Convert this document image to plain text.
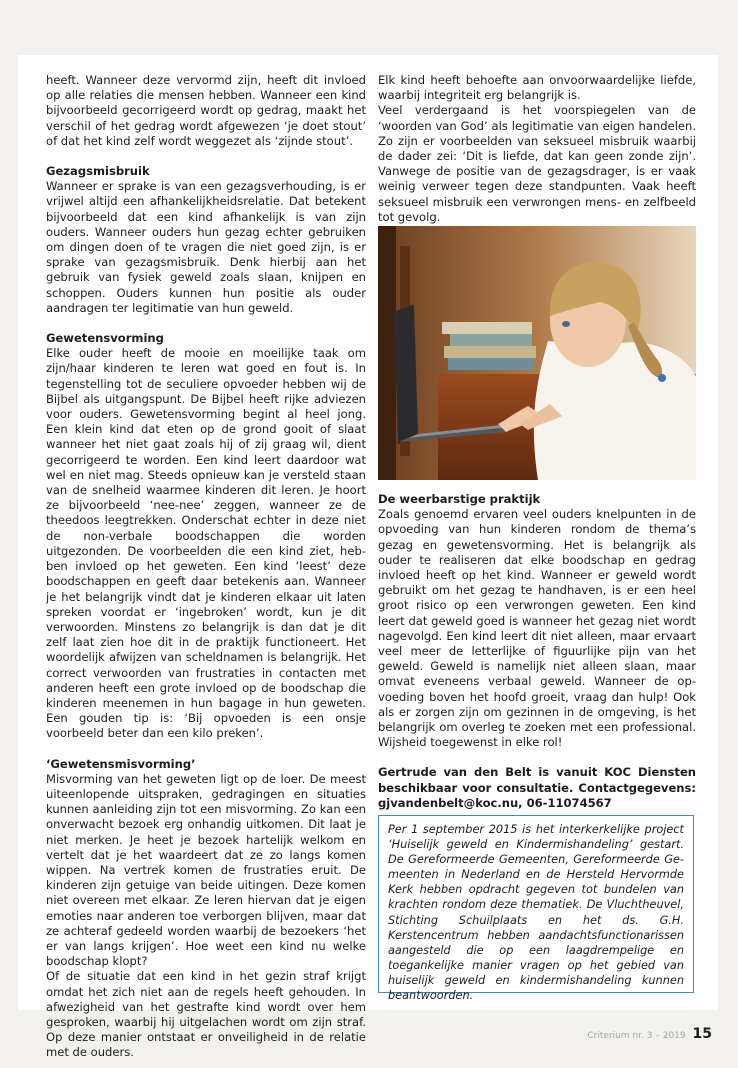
heeft. Wanneer deze vervormd zijn, heeft dit invloed op alle relaties die mensen hebben. Wanneer een kind bijvoorbeeld gecorrigeerd wordt op gedrag, maakt het verschil of het gedrag wordt afgewezen ‘je doet stout’ of dat het kind zelf wordt weggezet als ‘zijnde stout’.

Gezagsmisbruik

Wanneer er sprake is van een gezagsverhouding, is er vrijwel altijd een afhankelijkheidsrelatie. Dat betekent bijvoorbeeld dat een kind afhankelijk is van zijn ouders. Wanneer ouders hun gezag echter gebruiken om dingen doen of te vragen die niet goed zijn, is er sprake van gezagsmisbruik. Denk hierbij aan het gebruik van fysiek geweld zoals slaan, knijpen en schoppen. Ouders kunnen hun positie als ouder aandragen ter legitimatie van hun geweld.

Gewetensvorming

Elke ouder heeft de mooie en moeilijke taak om zijn/haar kinderen te leren wat goed en fout is. In tegenstelling tot de seculiere opvoeder hebben wij de Bijbel als uitgangspunt. De Bijbel heeft rijke adviezen voor ouders. Gewetensvorming begint al heel jong. Een klein kind dat eten op de grond gooit of slaat wanneer het niet gaat zoals hij of zij graag wil, dient gecorrigeerd te worden. Een kind leert daardoor wat wel en niet mag. Steeds opnieuw kan je versteld staan van de snelheid waarmee kinderen dit leren. Je hoort ze bijvoorbeeld ‘nee-nee’ zeggen, wanneer ze de theedoos leegtrekken. Onderschat echter in deze niet de non-verbale boodschappen die worden uitgezonden. De voorbeelden die een kind ziet, hebben invloed op het geweten. Een kind ‘leest’ deze boodschappen en geeft daar betekenis aan. Wanneer je het belangrijk vindt dat je kinderen elkaar uit laten spreken voordat er ‘ingebroken’ wordt, kun je dit verwoorden. Minstens zo belangrijk is dan dat je dit zelf laat zien hoe dit in de praktijk functioneert. Het woordelijk afwijzen van scheldnamen is belangrijk. Het correct verwoorden van frustraties in contacten met anderen heeft een grote invloed op de boodschap die kinderen meenemen in hun bagage in hun geweten. Een gouden tip is: ‘Bij opvoeden is een onsje voorbeeld beter dan een kilo preken’.

‘Gewetensmisvorming’

Misvorming van het geweten ligt op de loer. De meest uiteenlopende uitspraken, gedragingen en situaties kunnen aanleiding zijn tot een misvorming. Zo kan een onverwacht bezoek erg onhandig uitkomen. Dit laat je niet merken. Je heet je bezoek hartelijk welkom en vertelt dat je het waardeert dat ze zo langs komen wippen. Na vertrek komen de frustraties eruit. De kinderen zijn getuige van beide uitingen. Deze komen niet overeen met elkaar. Ze leren hiervan dat je eigen emoties naar anderen toe verborgen blijven, maar dat ze achteraf gedeeld worden waarbij de bezoekers ‘het er van langs krijgen’. Hoe weet een kind nu welke boodschap klopt?

Of de situatie dat een kind in het gezin straf krijgt omdat het zich niet aan de regels heeft gehouden. In afwezigheid van het gestrafte kind wordt over hem gesproken, waarbij hij uitgelachen wordt om zijn straf. Op deze manier ontstaat er onveiligheid in de relatie met de ouders.

Elk kind heeft behoefte aan onvoorwaardelijke liefde, waarbij integriteit erg belangrijk is.

Veel verdergaand is het voorspiegelen van de ‘woorden van God’ als legitimatie van eigen handelen. Zo zijn er voorbeelden van seksueel misbruik waarbij de dader zei: ‘Dit is liefde, dat kan geen zonde zijn’. Vanwege de positie van de gezagsdrager, is er vaak weinig verweer tegen deze standpunten. Vaak heeft seksueel misbruik een verwrongen mens- en zelfbeeld tot gevolg.

De weerbarstige praktijk

Zoals genoemd ervaren veel ouders knelpunten in de opvoeding van hun kinderen rondom de thema’s gezag en gewetensvorming. Het is belangrijk als ouder te realiseren dat elke boodschap en gedrag invloed heeft op het kind. Wanneer er geweld wordt gebruikt om het gezag te handhaven, is er een heel groot risico op een verwrongen geweten. Een kind leert dat geweld goed is wanneer het gezag niet wordt nagevolgd. Een kind leert dit niet alleen, maar ervaart veel meer de letterlijke of figuurlijke pijn van het geweld. Geweld is namelijk niet alleen slaan, maar omvat eveneens verbaal geweld. Wanneer de opvoeding boven het hoofd groeit, vraag dan hulp! Ook als er zorgen zijn om gezinnen in de omgeving, is het belangrijk om overleg te zoeken met een professional. Wijsheid toegewenst in elke rol!

Gertrude van den Belt is vanuit KOC Diensten beschikbaar voor consultatie. Contactgegevens: gjvandenbelt@koc.nu, 06-11074567

Per 1 september 2015 is het interkerkelijke project ‘Huiselijk geweld en Kindermishandeling’ gestart. De Gereformeerde Gemeenten, Gereformeerde Gemeenten in Nederland en de Hersteld Hervormde Kerk hebben opdracht gegeven tot bundelen van krachten rondom deze thematiek. De Vluchtheuvel, Stichting Schuilplaats en het ds. G.H. Kerstencentrum hebben aandachtsfunctionarissen aangesteld die op een laagdrempelige en toegankelijke manier vragen op het gebied van huiselijk geweld en kindermishandeling kunnen beantwoorden.

Criterium nr. 3 – 2019 15
